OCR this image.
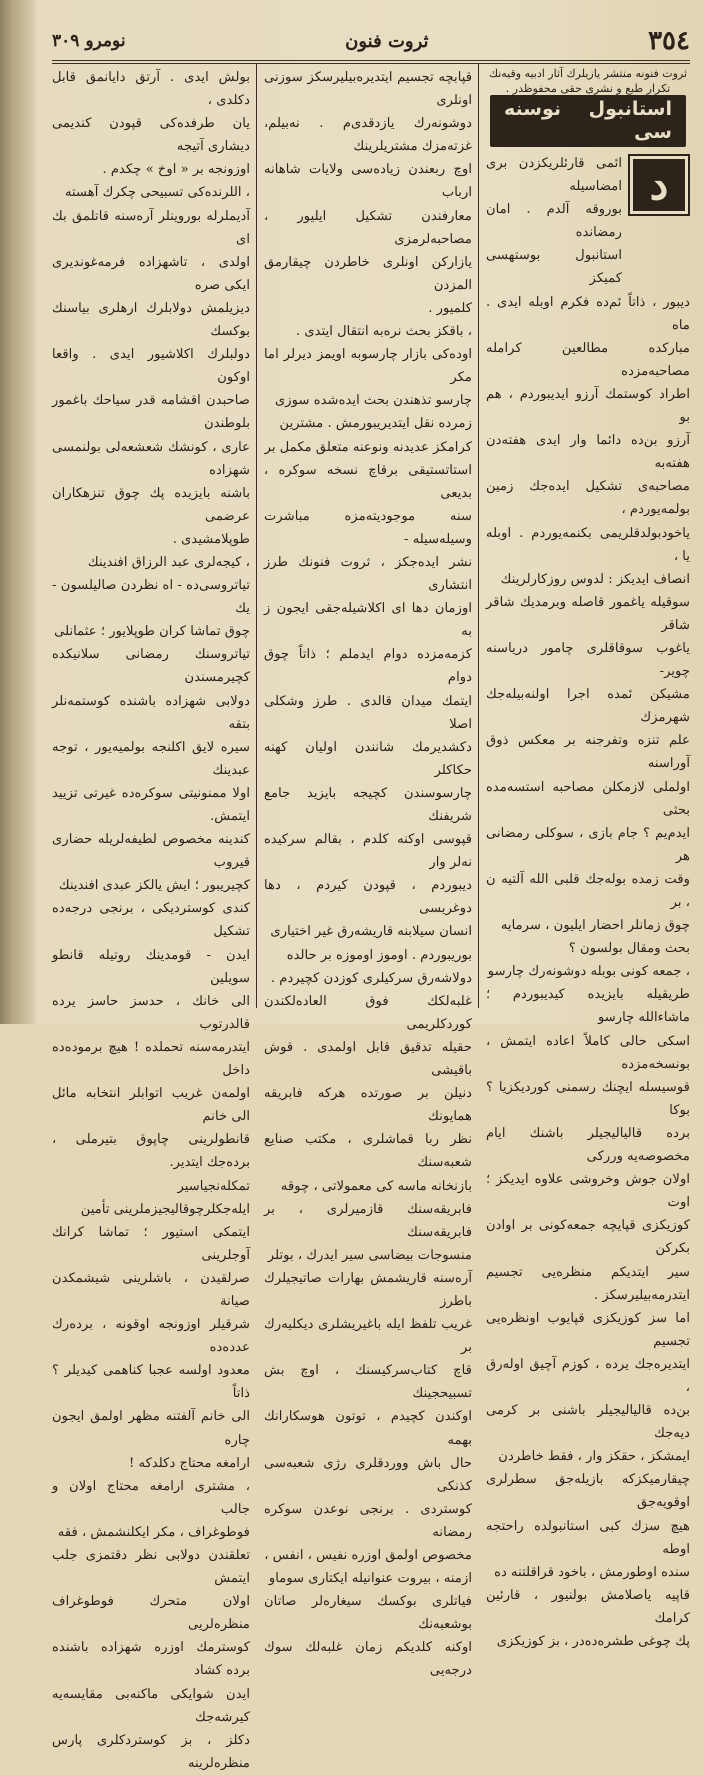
٣٥٤
ثروت فنون
نومرو ٣٠٩

ثروت فنونه منتشر یازیلرك آثار ادبیه وقیه‌نك تكرار طبع و نشری حقی محفوظدر .

استانبول نوسنه سی
د

ائمی قارئلریكزدن بری امضاسیله

بوروقه آلدم . امان رمضانده

استانبول بوستهسی كمیكز

دیبور ، ذاتاً ئم‌ده فكرم اوبله ایدی . ماه

مباركده مطالعین كرامله مصاحبه‌مزده

اطراد كوستمك آرزو ایدیبوردم ، هم بو

آرزو بن‌ده دائما وار ایدی هفته‌دن هفته‌به

مصاحبه‌ی تشكیل ایده‌جك زمین بولمه‌یوردم ،

یاخودبولدقلریمی بكنمه‌یوردم . اوبله یا ،

انصاف ایدیكز : لدوس روزكارلرینك

سوقیله یاغمور قاصله وبرمدیك شاقر شاقر

یاغوب سوقاقلری چامور دریاسنه چویر-

مشیكن ئمده اجرا اولنه‌بیله‌جك شهرمزك

علم تنزه وتفرجنه بر معكس ذوق آوراسنه

اولملی لازمكلن مصاحبه استسه‌مده بحثی

ایدم‌یم ؟ جام بازی ، سوكلی رمضانی هر

وقت زمده بوله‌جك قلبی الله آلتیه ن ، بر

چوق زمانلر احضار ایلیون ، سرمایه

بحث ومقال بولسون ؟

، جمعه كونی بوبله دوشونه‌رك چارسو

طریقیله بایزیده كیدیبوردم ؛ ماشاءالله چارسو

اسكی حالی كاملاً اعاده ایتمش ، بونسخه‌مزده

قوسیسله ایچنك رسمنی كوردیكزیا ؟ بوكا

برده قالیالیجیلر باشنك ایام مخصوصه‌یه ورركی

اولان جوش وخروشی علاوه ایدیكز ؛ اوت

كوزیكزی قپایچه جمعه‌كونی بر اوادن بكركن

سیر ایتدیكم منظره‌یی تجسیم ایتدرمه‌بیلیرسكز .

اما سز كوزیكزی قپایوب اونظره‌یی تجسیم

ایتدیره‌جك یرده ، كوزم آچیق اوله‌رق ،

بن‌ده قالیالیجیلر باشنی بر كرمی دیه‌جك

ایمشكز ، حقكز وار ، فقط خاطردن

چیقارمیكزكه بازیله‌جق سطرلری اوقویه‌جق

هیچ سزك كبی استانبولده راحتجه اوطه‌

سنده اوطورمش ، باخود قراقلتنه ده

قاپیه یاصلامش بولنیور ، قارئین كرامك

پك چوغی طشره‌ده‌در ، بز كوزیكزی

قپابچه تجسیم ایتدیره‌بیلیرسكز سوزنی اونلری

دوشونه‌رك یازدقدی‌م . نه‌بیلم، غزته‌مزك مشتریلرینك

اوچ ربعندن زیاده‌سی ولایات شاهانه ارباب

معارفندن تشكیل ایلیور ، مصاحبه‌لرمزی

یازاركن اونلری خاطردن چیقارمق المزدن

كلمیور .

، باقكز بحث نره‌به انتقال ایتدی .

اوده‌كی بازار چارسوبه اویمز دیرلر اما مكر

چارسو تذهندن بحث ایده‌شده سوزی

زمرده نقل ایتدیریبورمش . مشترین

كرامكز عدیدنه ونوعنه متعلق مكمل بر

استاتستیقی برقاچ نسخه سوكره ، بدیعی

سنه موجودیته‌مزه مباشرت وسیله‌سیله -

نشر ایده‌جكز ، ثروت فنونك طرز انتشاری

اوزمان دها ای اكلاشیله‌جقی ایجون ز به

كزمه‌مزده دوام ایدملم ؛ ذاتاً چوق دوام

ایتمك میدان قالدی . طرز وشكلی اصلا

دكشدیرمك شانندن اولیان كهنه حكاكلر

چارسوسندن كچیجه بایزید جامع شریفنك

قپوسی اوكنه كلدم ، بقالم سركیده نه‌لر وار

دیبوردم ، قپودن كیردم ، دها دوغریسی

انسان سیلابنه قاریشه‌رق غیر اختیاری

بوریبوردم . اوموز اوموزه بر حالده

دولاشه‌رق سركیلری كوزدن كچیردم .

غلبه‌لكك فوق العاده‌لكندن كوردكلریمی

حقیله تدقیق قابل اولمدی . قوش باقیشی

دنیلن بر صورتده هركه فابریقه همایونك

نظر ربا قماشلری ، مكتب صنایع شعبه‌سنك

بازنخانه ماسه كی معمولاتی ، چوقه

فابریقه‌سنك قازمیرلری ، بر فابریقه‌سنك

منسوجات بیضاسی سیر ایدرك ، بوتلر

آره‌سنه قاریشمش بهارات صاتیجیلرك باطرز

غریب تلفظ ایله باغیریشلری دیكلیه‌رك بر

قاچ كتاب‌سركیسنك ، اوچ بش تسبیحجینك

اوكندن كچیدم ، توتون هوسكارانك بهمه

حال باش ووردقلری رژی شعبه‌سی كذنكی

كوستردی . برنجی نوعدن سوكره رمضانه

مخصوص اولمق اوزره نفیس ، انفس ،

ازمنه ، بیروت عنوانیله ایكتاری سوماو

فیاتلری بوكسك سیغاره‌لر صاتان بوشعبه‌نك

اوكنه كلدیكم زمان غلبه‌لك سوك درجه‌یی

بولش ایدی . آرتق دایانمق قابل دكلدی ،

یان طرفده‌كی قپودن كندیمی دیشاری آتیجه

اوزونجه بر « اوخ » چكدم .

، اللرنده‌كی تسبیحی چكرك آهسته

آدیملرله بوروینلر آره‌سنه قاتلمق بك ای

اولدی ، تاشهزاده فرمه‌غوندیری ایكی صره

دیزیلمش دولابلرك ارهلری بیاسنك بوكسك

دولبلرك اكلاشیور ایدی . واقعا اوكون

صاحبدن اقشامه قدر سیاحك باغمور بلوطندن

عاری ، كونشك شعشعه‌لی بولنمسی شهزاده

باشنه بایزیده پك چوق تنزهكاران عرضمی

طوپلامشیدی .

، كیجه‌لری عبد الرزاق افندینك

تیاتروسی‌ده - اه نظردن صالیلسون - یك

چوق تماشا كران طوپلایور ؛ عثمانلی

تیاتروسنك رمضانی سلانیكده كچیرمسندن

دولابی شهزاده باشنده كوستمه‌نلر بتقه

سیره لایق اكلنجه بولمیه‌یور ، توجه عبدینك

اولا ممنونیتی سوكره‌ده غیرتی تزیید ایتمش.

كندینه مخصوص لطیفه‌لریله حضاری قیروب

كچیریبور ؛ ایش یالکز عبدی افندینك

كندی كوستردیكی ، برنجی درجه‌ده تشكیل

ایدن - قومدینك روتیله قانطو سویلین

الی خانك ، حدسز حاسز یرده قالدرتوب

ایتدرمه‌سنه تحملده ! هیچ برموده‌ده داخل

اولمه‌ن غریب اتوابلر انتخابه مائل الی خانم

قانطولرینی چاپوق بتیرملی ، برده‌جك ایتدیر.

تمكله‌نجیاسیر ایله‌جكلرچوقالیجیزملرینی تأمین

ایتمكی استیور ؛ تماشا كرانك آوجلرینی

صرلقیدن ، باشلرینی شیشمكدن صیانة

شرقیلر اوزونجه اوقونه ، برده‌رك عدده‌ده

معدود اولسه عجبا كناهمی كیدیلر ؟ ذاتاً

الی خانم آلفتنه مظهر اولمق ایجون چاره

ارامغه محتاج دكلدكه !

، مشتری ارامغه محتاج اولان و جالب

فوطوغراف ، مكر ایكلنشمش ، فقه

تعلقندن دولابی نظر دقتمزی جلب ایتمش

اولان متحرك فوطوغراف منظره‌لریی

كوسترمك اوزره شهزاده باشنده برده كشاد

ایدن شوایكی ما‌كنه‌بی مقایسه‌یه كیرشه‌جك

دكلز ، بز كوستردكلری پارس منظره‌لرینه
